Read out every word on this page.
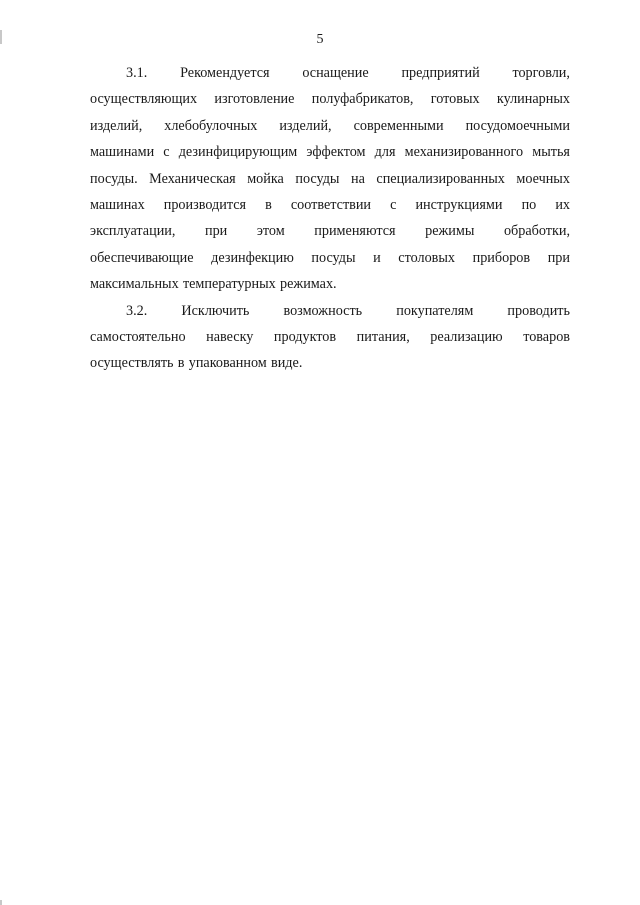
5
3.1. Рекомендуется оснащение предприятий торговли,
осуществляющих изготовление полуфабрикатов, готовых кулинарных
изделий, хлебобулочных изделий, современными посудомоечными
машинами с дезинфицирующим эффектом для механизированного мытья
посуды. Механическая мойка посуды на специализированных моечных
машинах производится в соответствии с инструкциями по их
эксплуатации, при этом применяются режимы обработки,
обеспечивающие дезинфекцию посуды и столовых приборов при
максимальных температурных режимах.
3.2. Исключить возможность покупателям проводить
самостоятельно навеску продуктов питания, реализацию товаров
осуществлять в упакованном виде.
